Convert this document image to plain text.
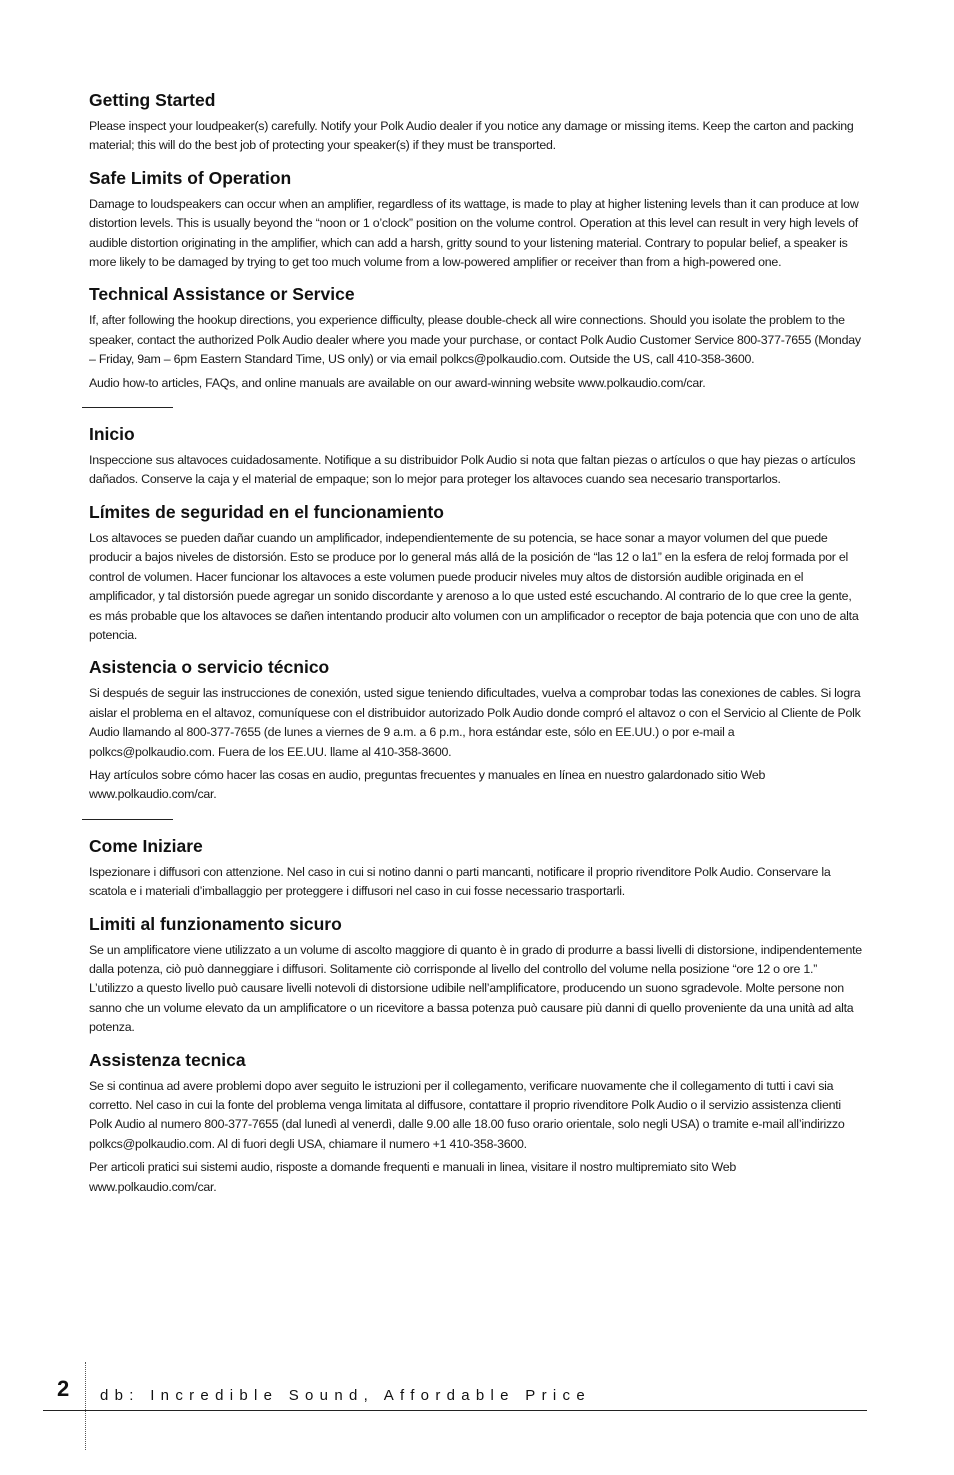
Getting Started

Please inspect your loudpeaker(s) carefully. Notify your Polk Audio dealer if you notice any damage or missing items. Keep the carton and packing material; this will do the best job of protecting your speaker(s) if they must be transported.

Safe Limits of Operation

Damage to loudspeakers can occur when an amplifier, regardless of its wattage, is made to play at higher listening levels than it can produce at low distortion levels. This is usually beyond the “noon or 1 o’clock” position on the volume control. Operation at this level can result in very high levels of audible distortion originating in the amplifier, which can add a harsh, gritty sound to your listening material. Contrary to popular belief, a speaker is more likely to be damaged by trying to get too much volume from a low-powered amplifier or receiver than from a high-powered one.

Technical Assistance or Service

If, after following the hookup directions, you experience difficulty, please double-check all wire connections. Should you isolate the problem to the speaker, contact the authorized Polk Audio dealer where you made your purchase, or contact Polk Audio Customer Service 800-377-7655 (Monday – Friday, 9am – 6pm Eastern Standard Time, US only) or via email polkcs@polkaudio.com. Outside the US, call 410-358-3600.

Audio how-to articles, FAQs, and online manuals are available on our award-winning website www.polkaudio.com/car.

Inicio

Inspeccione sus altavoces cuidadosamente. Notifique a su distribuidor Polk Audio si nota que faltan piezas o artículos o que hay piezas o artículos dañados. Conserve la caja y el material de empaque; son lo mejor para proteger los altavoces cuando sea necesario transportarlos.

Límites de seguridad en el funcionamiento

Los altavoces se pueden dañar cuando un amplificador, independientemente de su potencia, se hace sonar a mayor volumen del que puede producir a bajos niveles de distorsión. Esto se produce por lo general más allá de la posición de “las 12 o la1” en la esfera de reloj formada por el control de volumen. Hacer funcionar los altavoces a este volumen puede producir niveles muy altos de distorsión audible originada en el amplificador, y tal distorsión puede agregar un sonido discordante y arenoso a lo que usted esté escuchando. Al contrario de lo que cree la gente, es más probable que los altavoces se dañen intentando producir alto volumen con un amplificador o receptor de baja potencia que con uno de alta potencia.

Asistencia o servicio técnico

Si después de seguir las instrucciones de conexión, usted sigue teniendo dificultades, vuelva a comprobar todas las conexiones de cables. Si logra aislar el problema en el altavoz, comuníquese con el distribuidor autorizado Polk Audio donde compró el altavoz o con el Servicio al Cliente de Polk Audio llamando al 800-377-7655 (de lunes a viernes de 9 a.m. a 6 p.m., hora estándar este, sólo en EE.UU.) o por e-mail a polkcs@polkaudio.com. Fuera de los EE.UU. llame al 410-358-3600.

Hay artículos sobre cómo hacer las cosas en audio, preguntas frecuentes y manuales en línea en nuestro galardonado sitio Web www.polkaudio.com/car.

Come Iniziare

Ispezionare i diffusori con attenzione. Nel caso in cui si notino danni o parti mancanti, notificare il proprio rivenditore Polk Audio. Conservare la scatola e i materiali d’imballaggio per proteggere i diffusori nel caso in cui fosse necessario trasportarli.

Limiti al funzionamento sicuro

Se un amplificatore viene utilizzato a un volume di ascolto maggiore di quanto è in grado di produrre a bassi livelli di distorsione, indipendentemente dalla potenza, ciò può danneggiare i diffusori. Solitamente ciò corrisponde al livello del controllo del volume nella posizione “ore 12 o ore 1.” L’utilizzo a questo livello può causare livelli notevoli di distorsione udibile nell’amplificatore, producendo un suono sgradevole. Molte persone non sanno che un volume elevato da un amplificatore o un ricevitore a bassa potenza può causare più danni di quello proveniente da una unità ad alta potenza.

Assistenza tecnica

Se si continua ad avere problemi dopo aver seguito le istruzioni per il collegamento, verificare nuovamente che il collegamento di tutti i cavi sia corretto. Nel caso in cui la fonte del problema venga limitata al diffusore, contattare il proprio rivenditore Polk Audio o il servizio assistenza clienti Polk Audio al numero 800-377-7655 (dal lunedì al venerdì, dalle 9.00 alle 18.00 fuso orario orientale, solo negli USA) o tramite e-mail all’indirizzo polkcs@polkaudio.com. Al di fuori degli USA, chiamare il numero +1 410-358-3600.

Per articoli pratici sui sistemi audio, risposte a domande frequenti e manuali in linea, visitare il nostro multipremiato sito Web www.polkaudio.com/car.

2 db: Incredible Sound, Affordable Price
